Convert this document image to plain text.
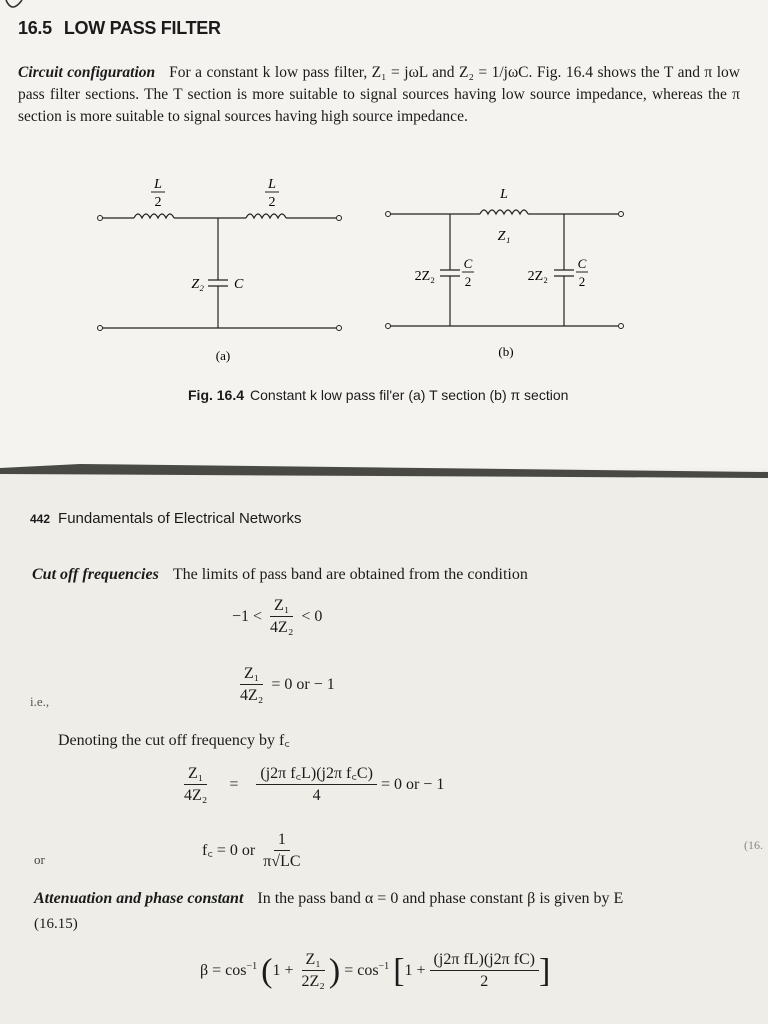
16.5 LOW PASS FILTER
Circuit configuration For a constant k low pass filter, Z₁ = jωL and Z₂ = 1/jωC. Fig. 16.4 shows the T and π low pass filter sections. The T section is more suitable to signal sources having low source impedance, whereas the π section is more suitable to signal sources having high source impedance.
L
2
L
2
Z₂ C
(a)
L
Z₁
2Z₂
C
2	2Z₂
C
2
(b)
Fig. 16.4 Constant k low pass fil'er (a) T section (b) π section
442 Fundamentals of Electrical Networks
Cut off frequencies The limits of pass band are obtained from the condition
$-1 < \frac{\text{Z₁}}{\text{4Z₂}} < 0$
i.e.,	$\frac{\text{Z₁}}{\text{4Z₂}} = 0$ or − 1
Denoting the cut off frequency by f꜀
$\frac{\text{Z₁}}{\text{4Z₂}} = \frac{\text{(j2π f꜀L)(j2π f꜀C)}}{4} = 0$ or − 1
or
f꜀ = 0 or $\frac{1}{\pi√LC}$	(16.
Attenuation and phase constant In the pass band α = 0 and phase constant β is given by E
(16.15)
$\beta = \cos^{-1} (1 + \frac{\text{Z₁}}{\text{2Z₂}}$ ) = $\cos^{-1} [1 + \frac{\text{(j2π fL)(j2π fC)}}{2}$ ]
